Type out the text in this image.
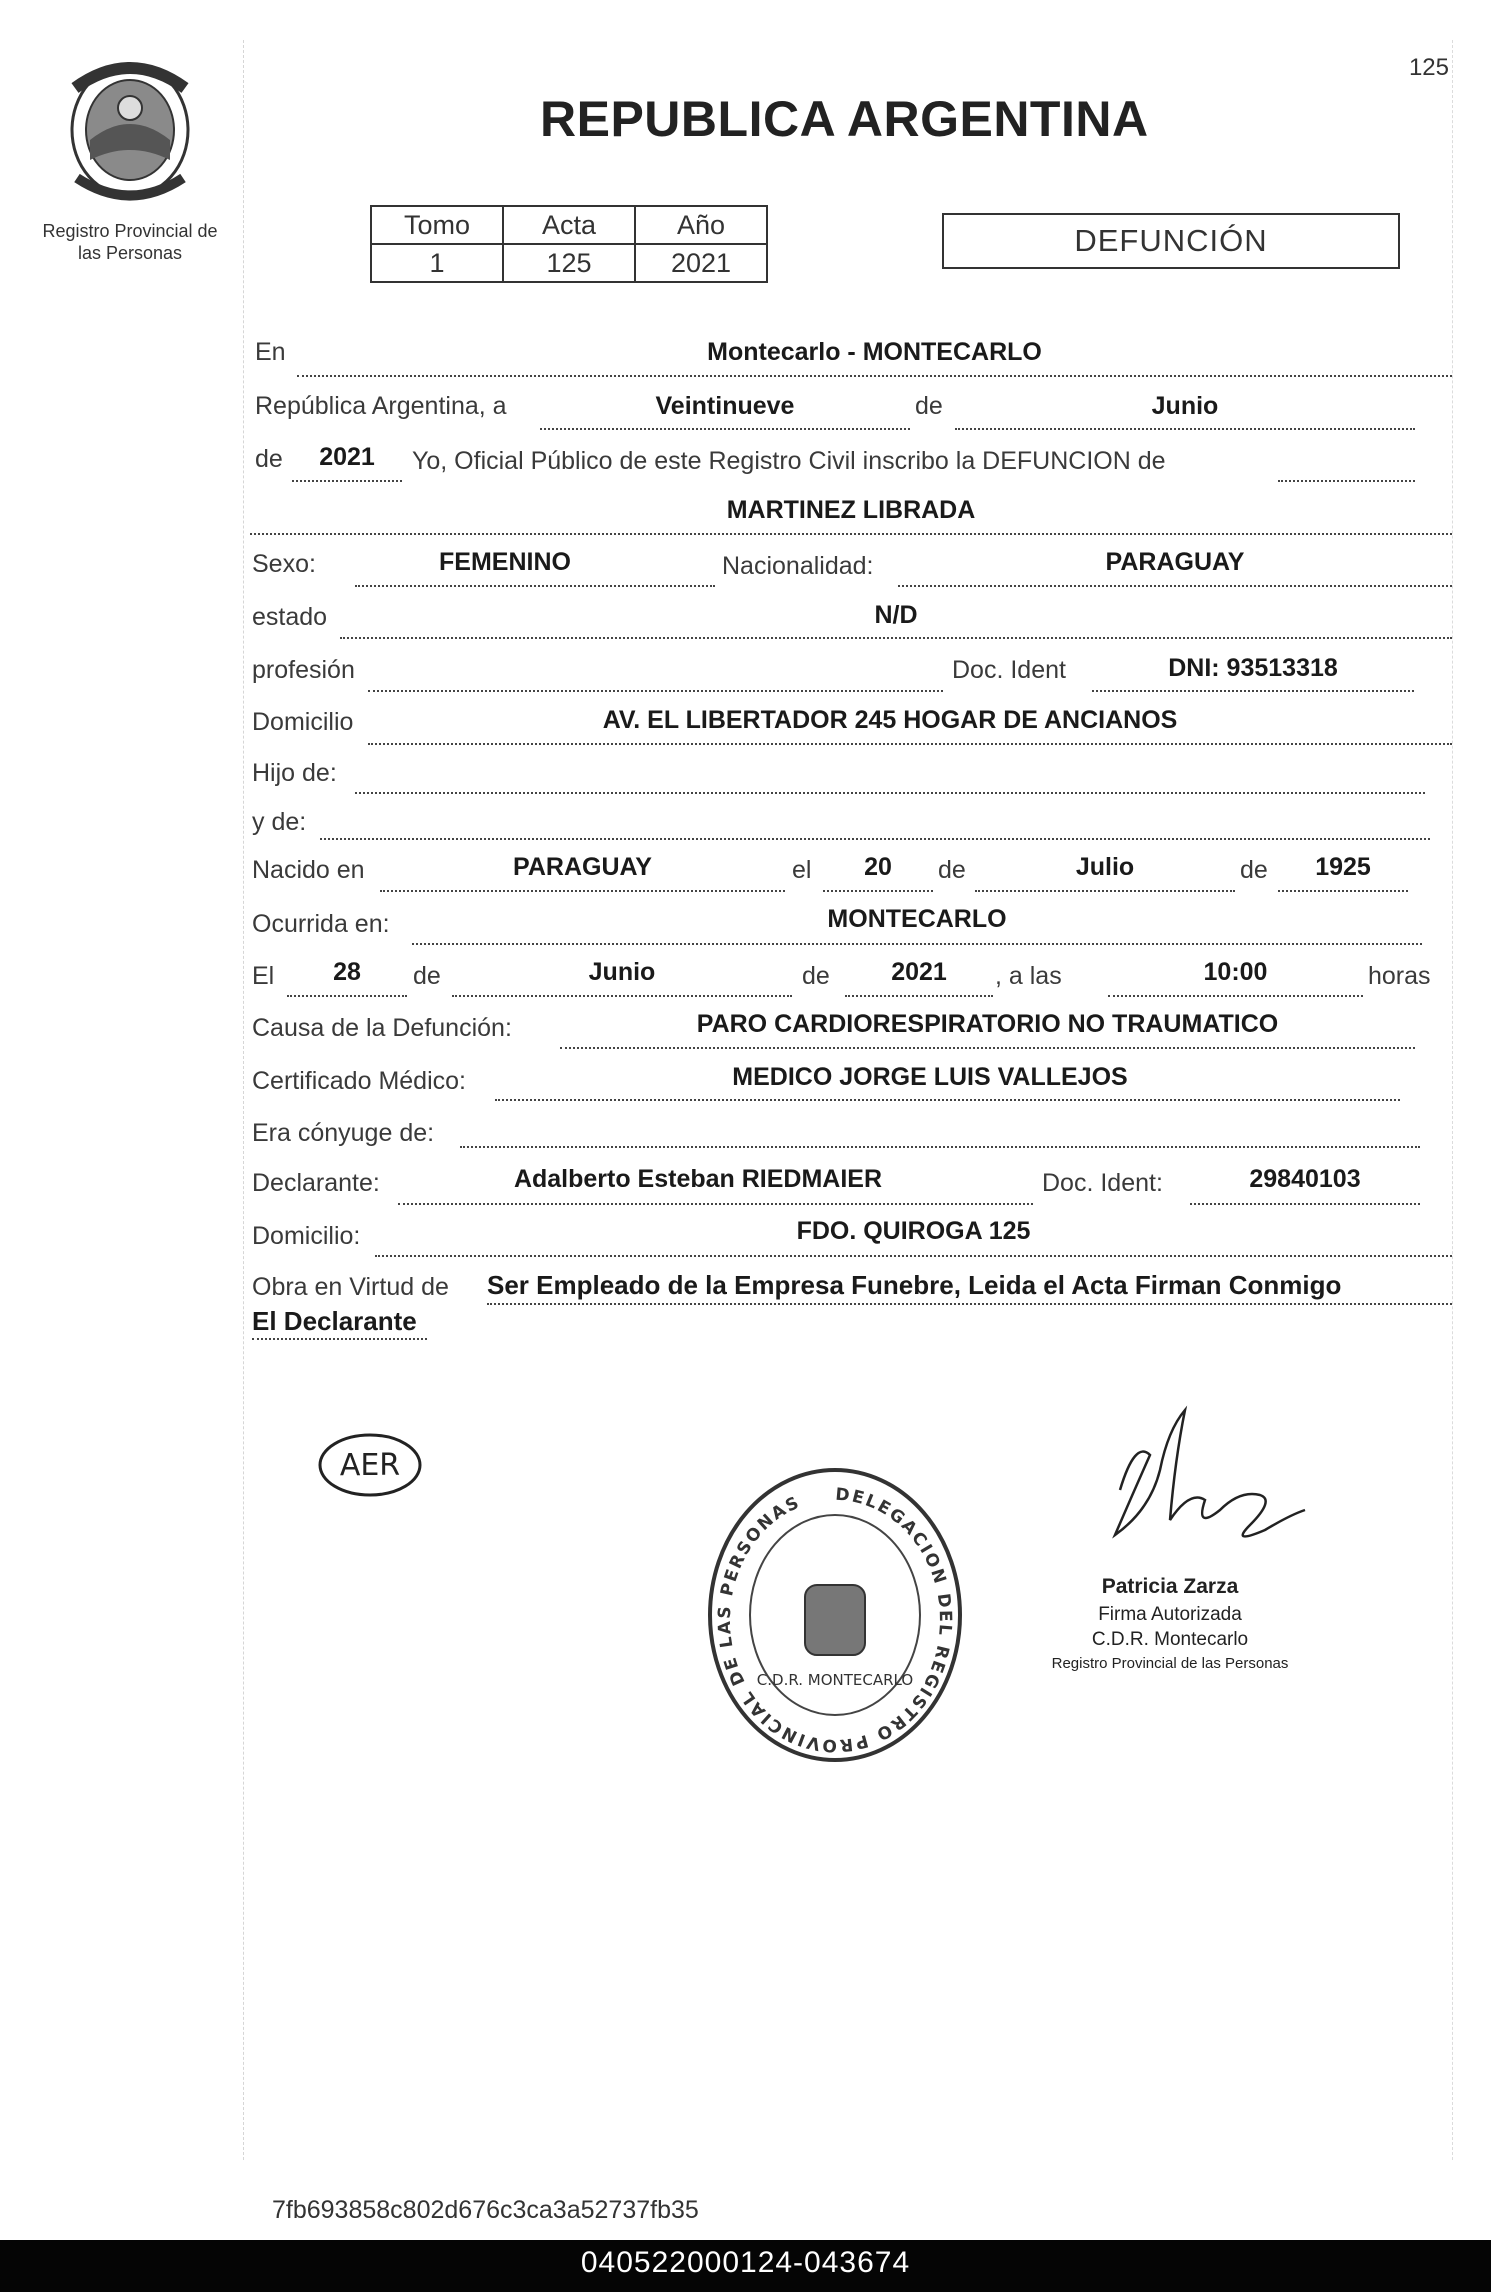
125
Registro Provincial de
las Personas
REPUBLICA ARGENTINA
Tomo	Acta	Año
1	125	2021
DEFUNCIÓN
En	Montecarlo - MONTECARLO
República Argentina, a	Veintinueve	de	Junio
de	2021	Yo, Oficial Público de este Registro Civil inscribo la DEFUNCION de
MARTINEZ LIBRADA
Sexo:	FEMENINO	Nacionalidad:	PARAGUAY
estado	N/D
profesión	Doc. Ident	DNI: 93513318
Domicilio	AV. EL LIBERTADOR 245 HOGAR DE ANCIANOS
Hijo de:
y de:
Nacido en	PARAGUAY	el	20	de	Julio	de	1925
Ocurrida en:	MONTECARLO
El	28	de	Junio	de	2021	, a las	10:00	horas
Causa de la Defunción:	PARO CARDIORESPIRATORIO NO TRAUMATICO
Certificado Médico:	MEDICO JORGE LUIS VALLEJOS
Era cónyuge de:
Declarante:	Adalberto Esteban RIEDMAIER	Doc. Ident:	29840103
Domicilio:	FDO. QUIROGA 125
Obra en Virtud de Ser Empleado de la Empresa Funebre, Leida el Acta Firman Conmigo
El Declarante
AER
DELEGACION DEL REGISTRO PROVINCIAL DE LAS PERSONAS
C.D.R. MONTECARLO
Patricia Zarza
Firma Autorizada
C.D.R. Montecarlo
Registro Provincial de las Personas
7fb693858c802d676c3ca3a52737fb35
040522000124-043674
